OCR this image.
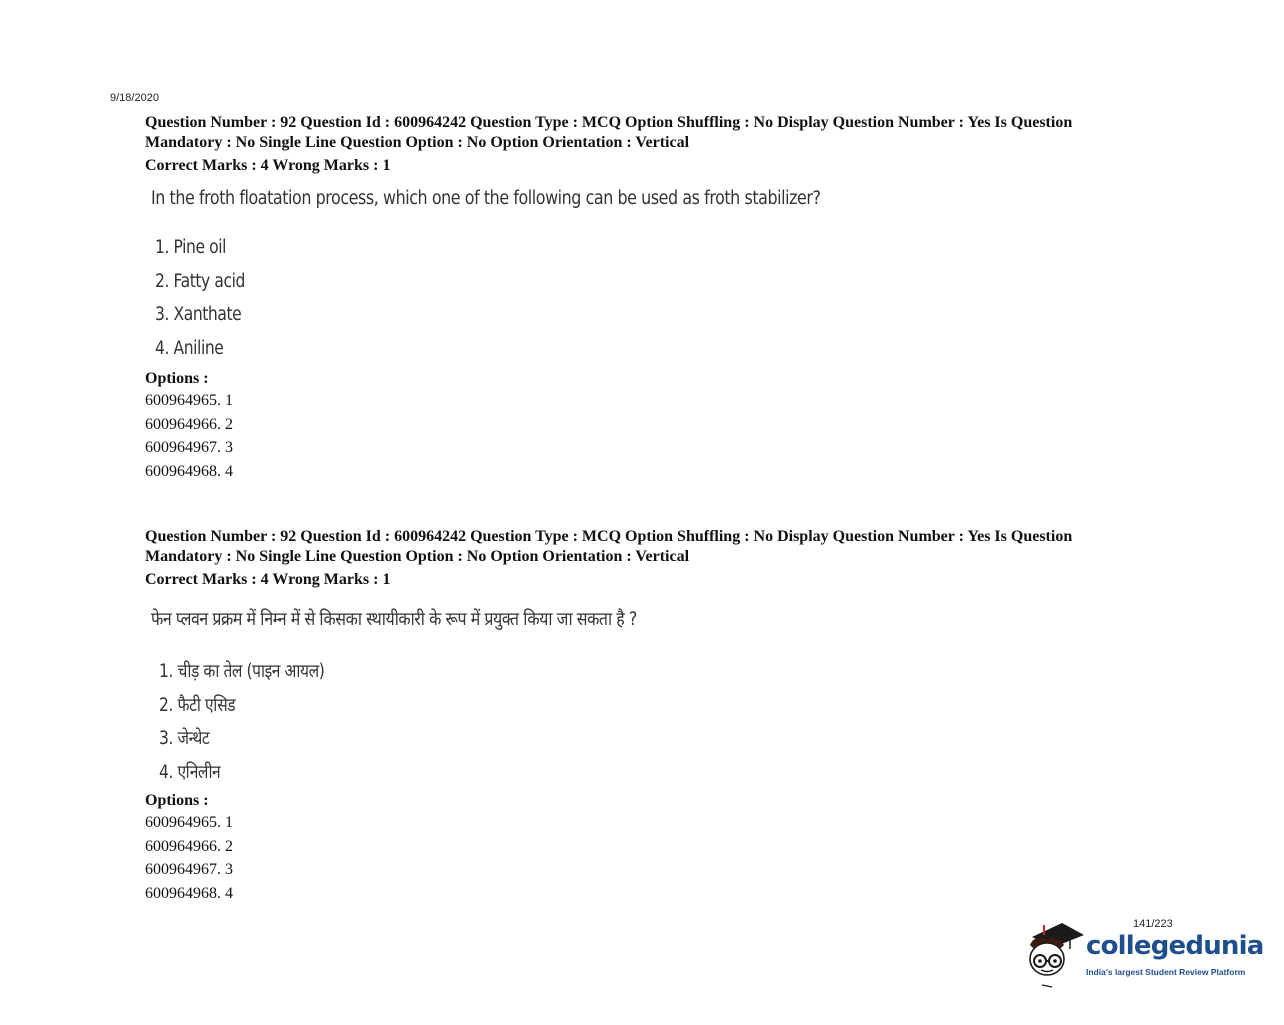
9/18/2020

Question Number : 92 Question Id : 600964242 Question Type : MCQ Option Shuffling : No Display Question Number : Yes Is Question

Mandatory : No Single Line Question Option : No Option Orientation : Vertical

Correct Marks : 4 Wrong Marks : 1
In the froth floatation process, which one of the following can be used as froth stabilizer?
1. Pine oil
2. Fatty acid
3. Xanthate
4. Aniline
Options :
600964965. 1
600964966. 2
600964967. 3
600964968. 4

Question Number : 92 Question Id : 600964242 Question Type : MCQ Option Shuffling : No Display Question Number : Yes Is Question

Mandatory : No Single Line Question Option : No Option Orientation : Vertical

Correct Marks : 4 Wrong Marks : 1
फेन प्लवन प्रक्रम में निम्न में से किसका स्थायीकारी के रूप में प्रयुक्त किया जा सकता है ?
1. चीड़ का तेल (पाइन आयल)
2. फैटी एसिड
3. जेन्थेट
4. एनिलीन
Options :
600964965. 1
600964966. 2
600964967. 3
600964968. 4
141/223
collegedunia
India's largest Student Review Platform
